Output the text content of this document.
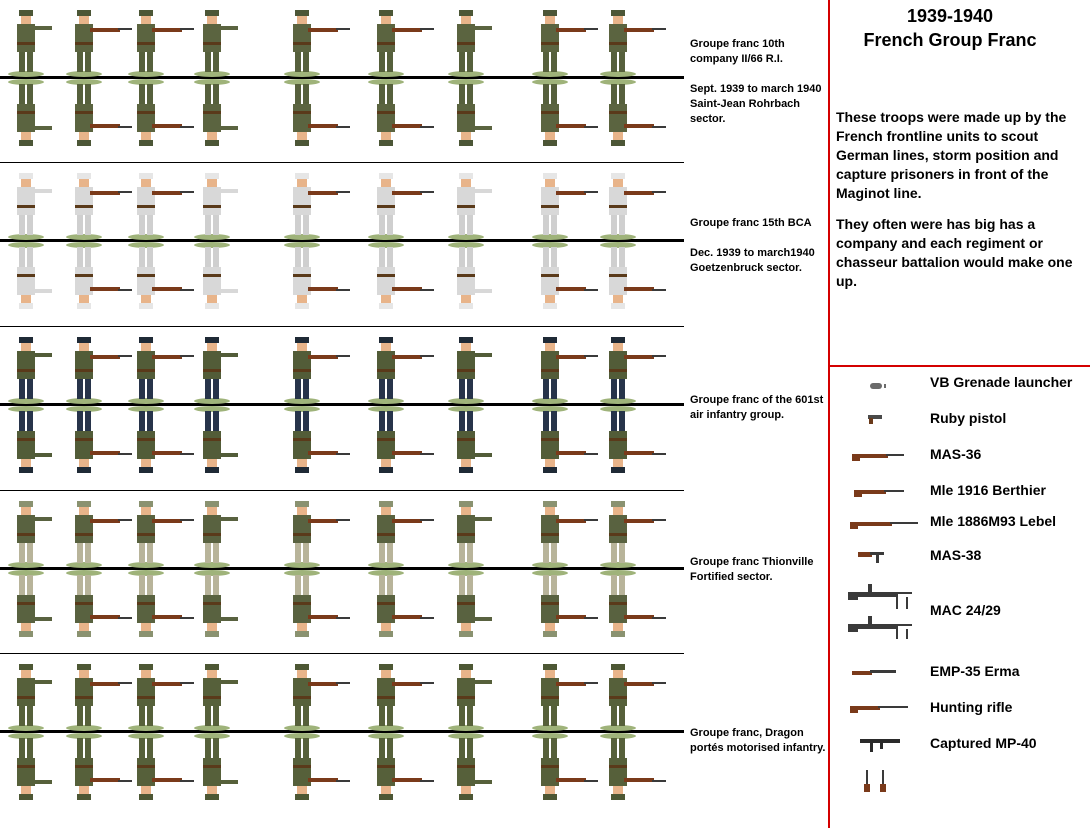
Groupe franc 10th
company II/66 R.I.

Sept. 1939 to march 1940
Saint-Jean Rohrbach
sector.
Groupe franc 15th BCA

Dec. 1939 to march1940
Goetzenbruck sector.
Groupe franc of the 601st
air infantry group.
Groupe franc Thionville
Fortified sector.
Groupe franc, Dragon
portés motorised infantry.
1939-1940
French Group Franc
These troops were made up by the French frontline units to scout German lines, storm position and capture prisoners in front of the Maginot line.
They often were has big has a company and each regiment or chasseur battalion would make one up.
VB Grenade launcher
Ruby pistol
MAS-36
Mle 1916 Berthier
Mle 1886M93 Lebel
MAS-38
MAC 24/29
EMP-35 Erma
Hunting rifle
Captured MP-40
